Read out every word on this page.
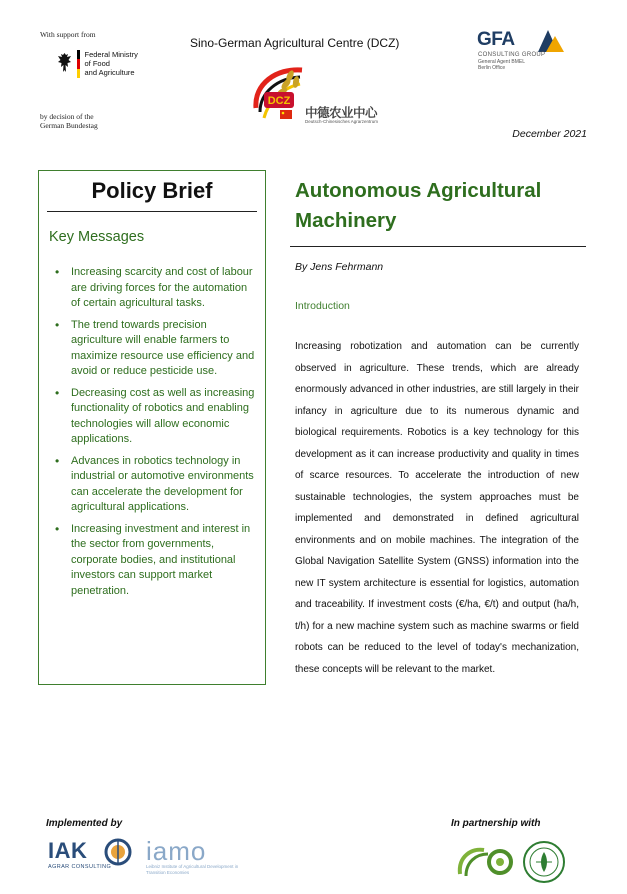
With support from
Federal Ministry
of Food
and Agriculture
by decision of the
German Bundestag
Sino-German Agricultural Centre (DCZ)
DCZ
中德农业中心
Deutsch-Chinesisches Agrarzentrum
GFA
CONSULTING GROUP
General Agent BMEL
Berlin Office
December 2021
Policy Brief
Key Messages
• Increasing scarcity and cost of labour are driving forces for the automation of certain agricultural tasks.
• The trend towards precision agriculture will enable farmers to maximize resource use efficiency and avoid or reduce pesticide use.
• Decreasing cost as well as increasing functionality of robotics and enabling technologies will allow economic applications.
• Advances in robotics technology in industrial or automotive environments can accelerate the development for agricultural applications.
• Increasing investment and interest in the sector from governments, corporate bodies, and institutional investors can support market penetration.
Autonomous Agricultural Machinery
By Jens Fehrmann
Introduction

Increasing robotization and automation can be currently observed in agriculture. These trends, which are already enormously advanced in other industries, are still largely in their infancy in agriculture due to its numerous dynamic and biological requirements. Robotics is a key technology for this development as it can increase productivity and quality in times of scarce resources. To accelerate the introduction of new sustainable technologies, the system approaches must be implemented and demonstrated in defined agricultural environments and on mobile machines. The integration of the Global Navigation Satellite System (GNSS) information into the new IT system architecture is essential for logistics, automation and traceability. If investment costs (€/ha, €/t) and output (ha/h, t/h) for a new machine system such as machine swarms or field robots can be reduced to the level of today's mechanization, these concepts will be relevant to the market.

Implemented by
IAK
AGRAR CONSULTING
iamo
Leibniz Institute of Agricultural Development in Transition Economies
In partnership with
